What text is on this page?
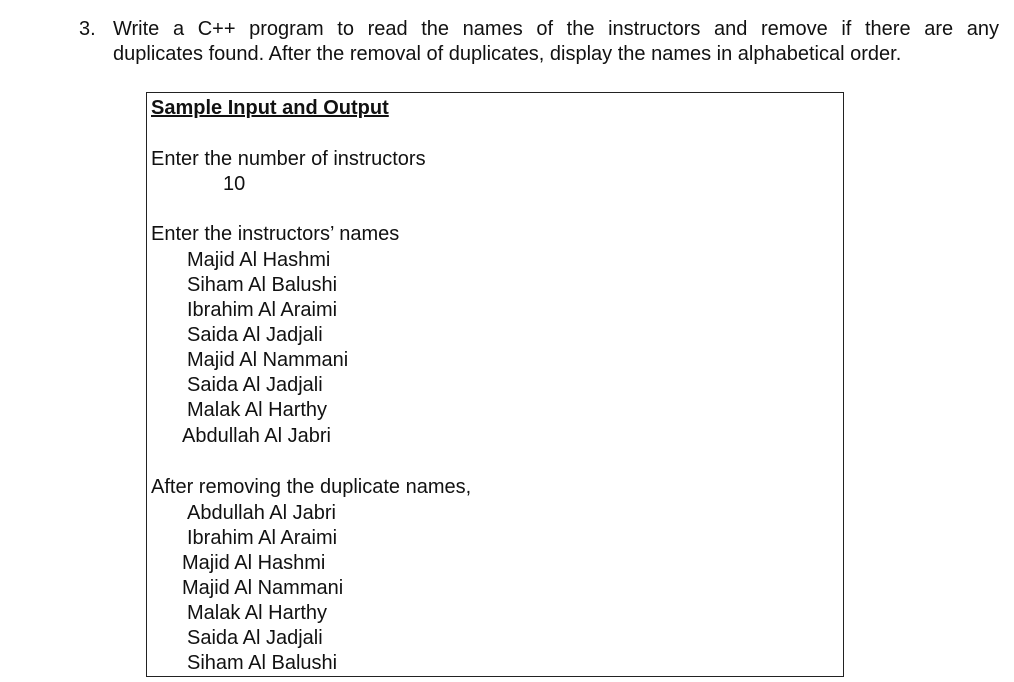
3. Write a C++ program to read the names of the instructors and remove if there are any
duplicates found. After the removal of duplicates, display the names in alphabetical order.
Sample Input and Output
Enter the number of instructors
10
Enter the instructors’ names
Majid Al Hashmi
Siham Al Balushi
Ibrahim Al Araimi
Saida Al Jadjali
Majid Al Nammani
Saida Al Jadjali
Malak Al Harthy
Abdullah Al Jabri
After removing the duplicate names,
Abdullah Al Jabri
Ibrahim Al Araimi
Majid Al Hashmi
Majid Al Nammani
Malak Al Harthy
Saida Al Jadjali
Siham Al Balushi
